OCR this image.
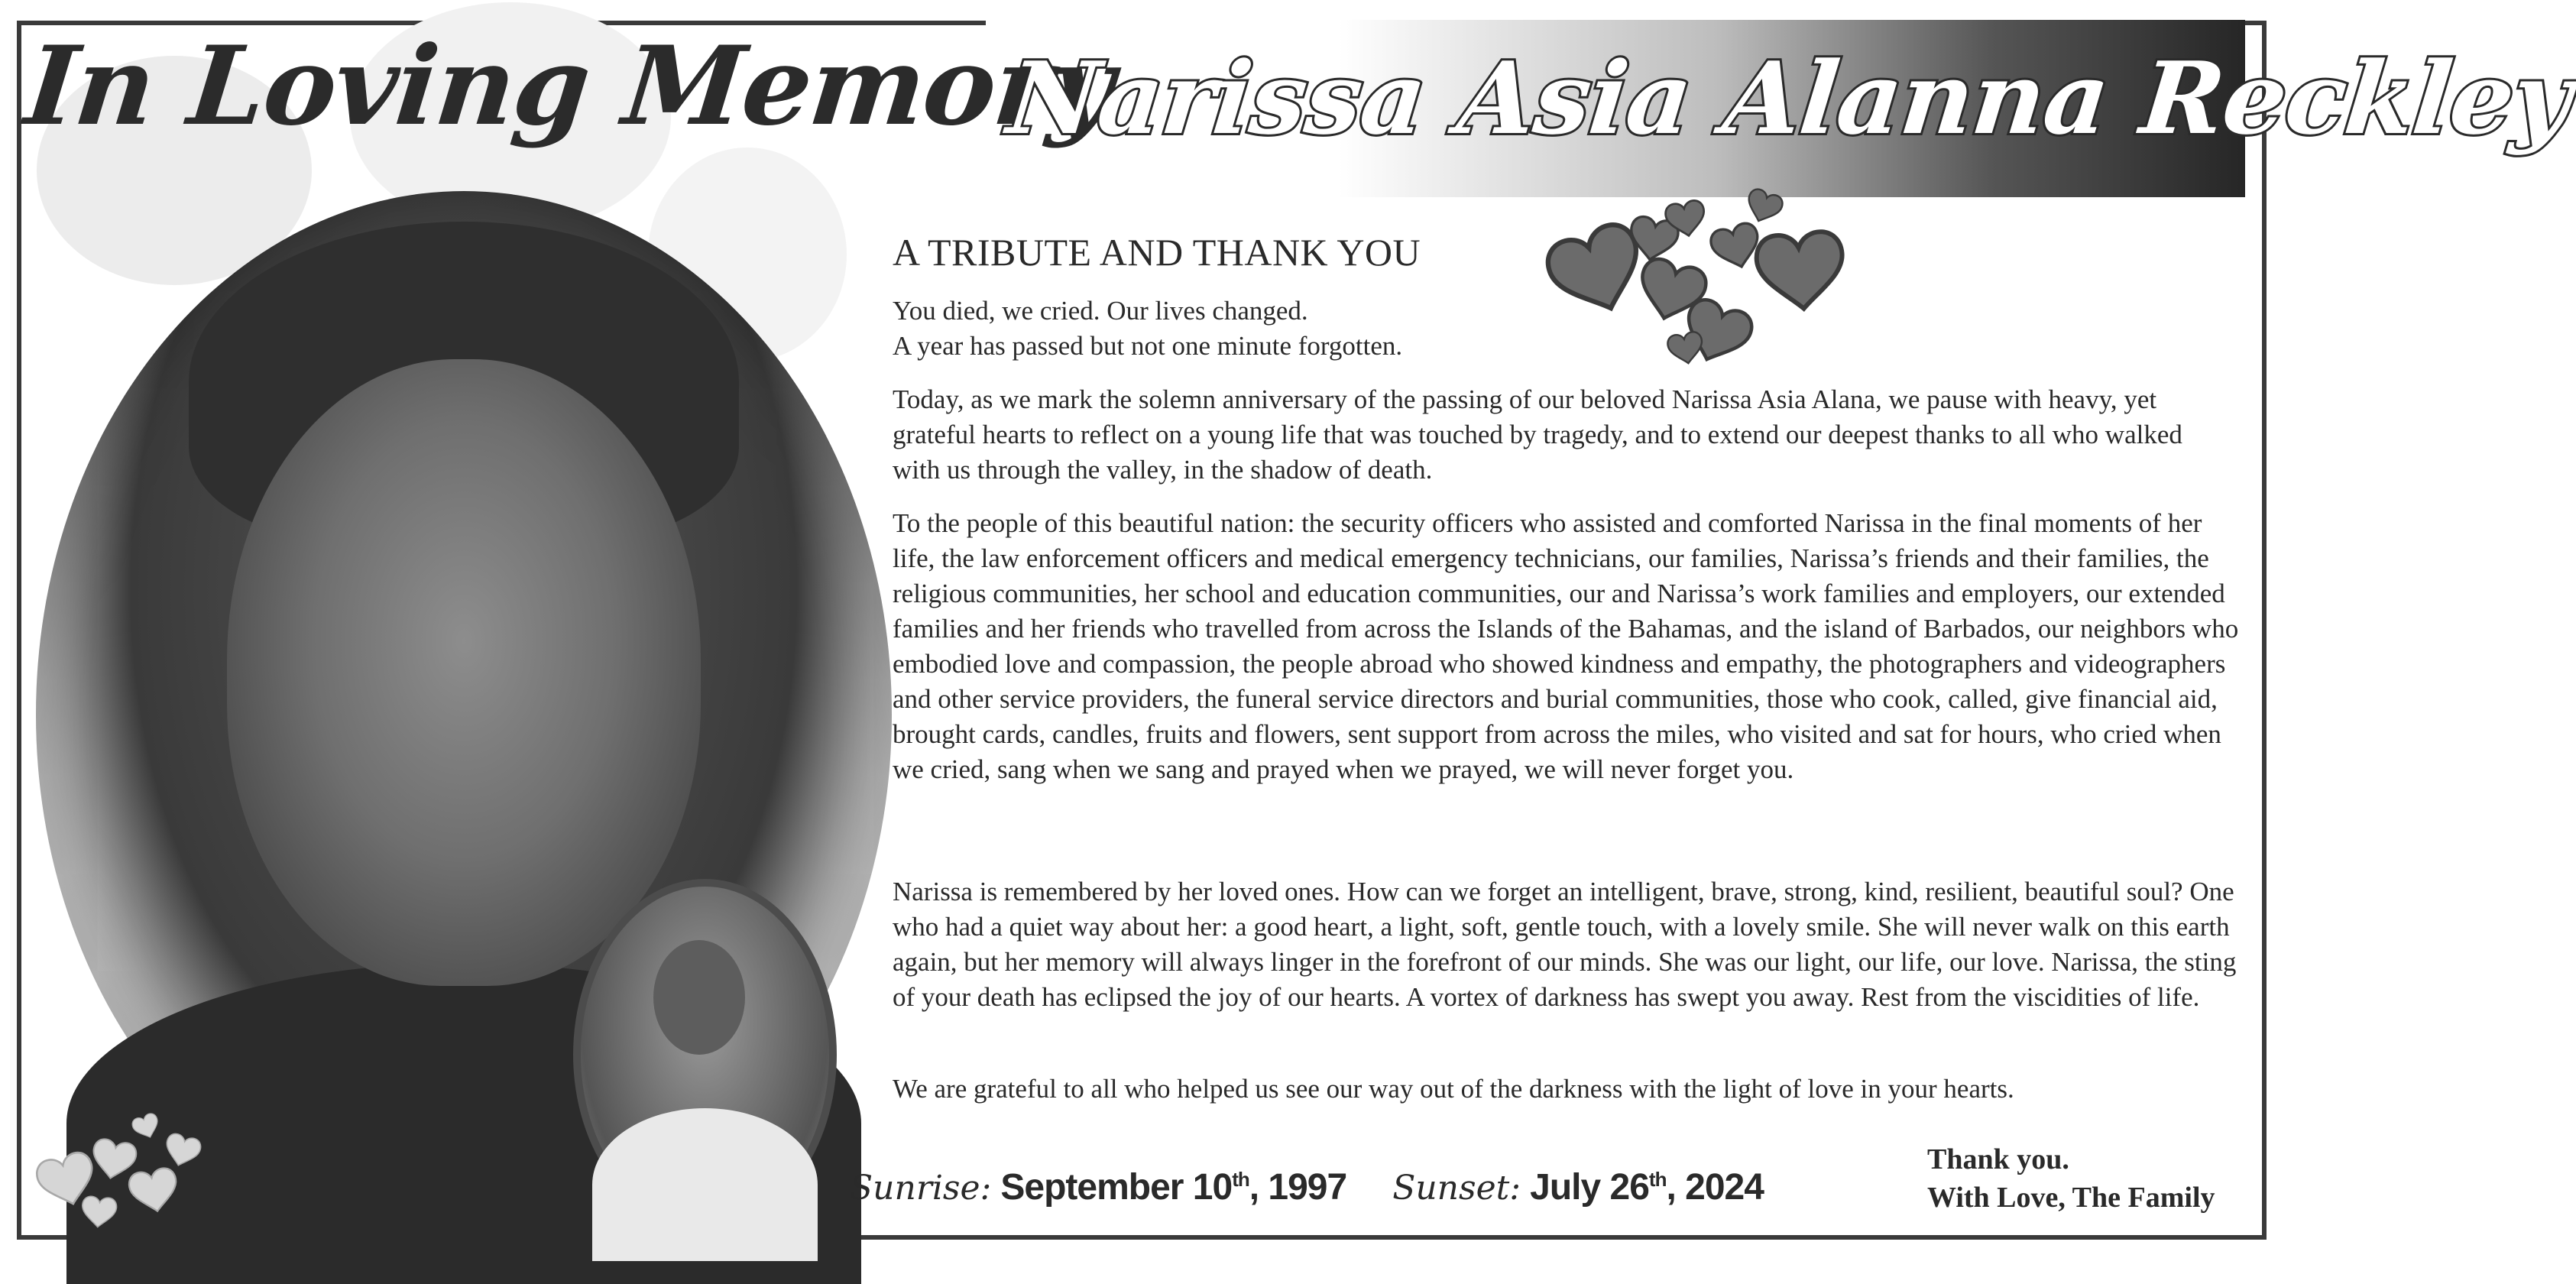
In Loving Memory
Narissa Asia Alanna Reckley
A TRIBUTE AND THANK YOU
You died, we cried. Our lives changed.
A year has passed but not one minute forgotten.
Today, as we mark the solemn anniversary of the passing of our beloved Narissa Asia Alana, we pause with heavy, yet grateful hearts to reflect on a young life that was touched by tragedy, and to extend our deepest thanks to all who walked with us through the valley, in the shadow of death.
To the people of this beautiful nation: the security officers who assisted and comforted Narissa in the final moments of her life, the law enforcement officers and medical emergency technicians, our families, Narissa’s friends and their families, the religious communities, her school and education communities, our and Narissa’s work families and employers, our extended families and her friends who travelled from across the Islands of the Bahamas, and the island of Barbados, our neighbors who embodied love and compassion, the people abroad who showed kindness and empathy, the photographers and videographers and other service providers, the funeral service directors and burial communities, those who cook, called, give financial aid, brought cards, candles, fruits and flowers, sent support from across the miles, who visited and sat for hours, who cried when we cried, sang when we sang and prayed when we prayed, we will never forget you.
Narissa is remembered by her loved ones. How can we forget an intelligent, brave, strong, kind, resilient, beautiful soul? One who had a quiet way about her: a good heart, a light, soft, gentle touch, with a lovely smile. She will never walk on this earth again, but her memory will always linger in the forefront of our minds. She was our light, our life, our love. Narissa, the sting of your death has eclipsed the joy of our hearts. A vortex of darkness has swept you away. Rest from the viscidities of life.
We are grateful to all who helped us see our way out of the darkness with the light of love in your hearts.
Sunrise: September 10th, 1997 Sunset: July 26th, 2024
Thank you.
With Love, The Family
